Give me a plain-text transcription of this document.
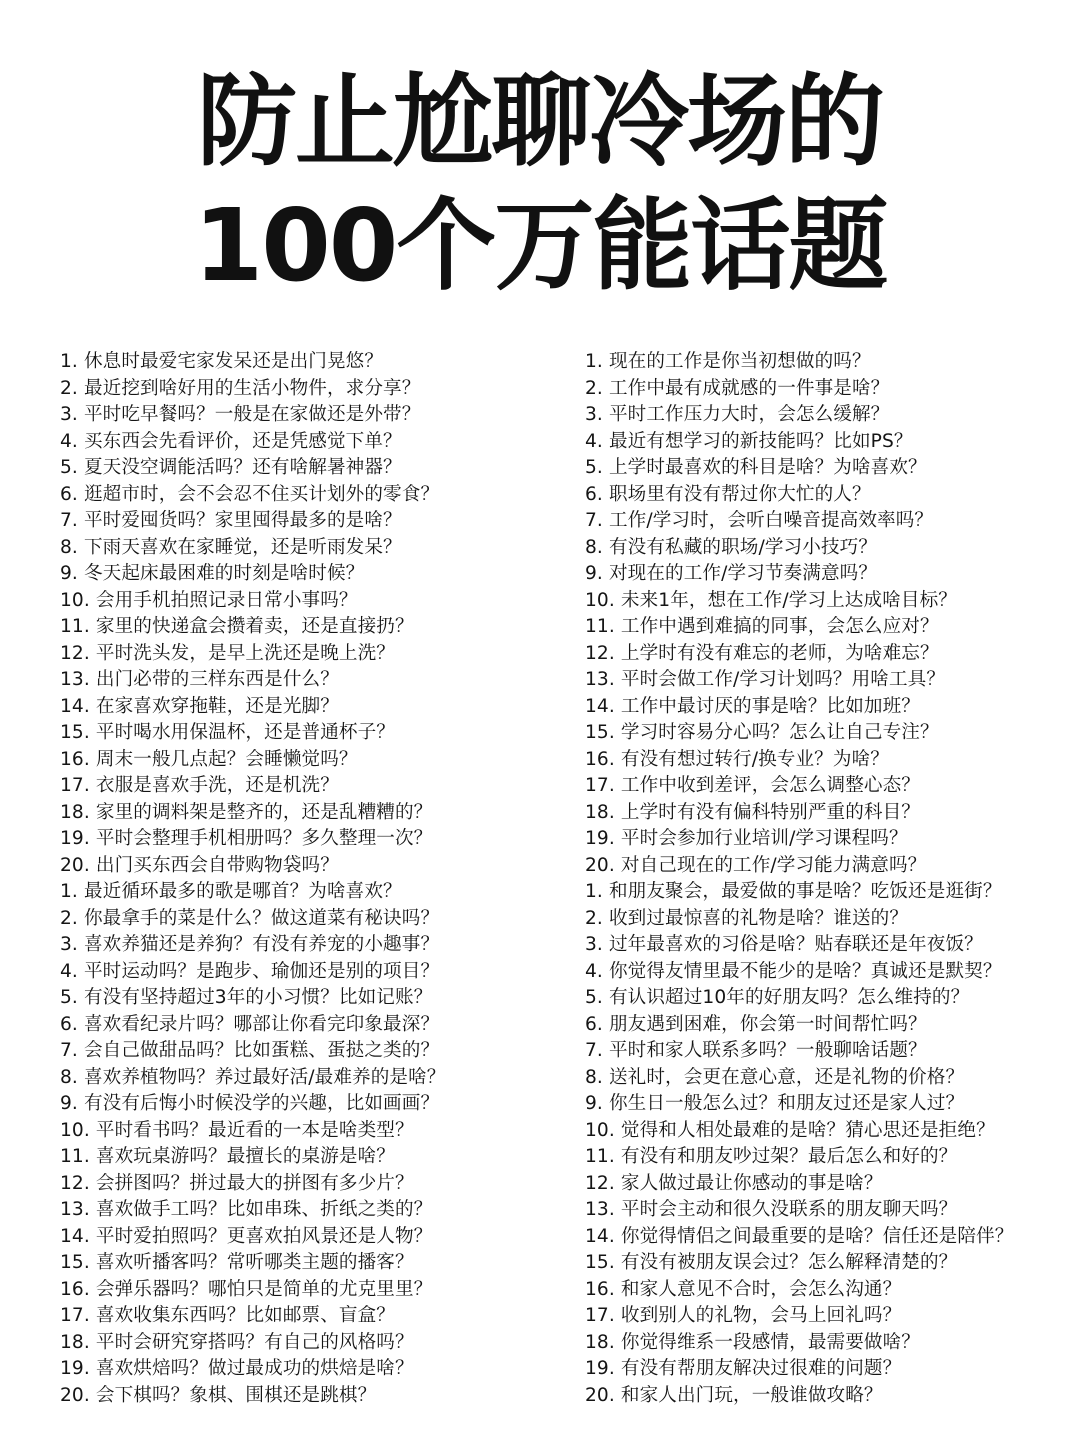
防止尬聊冷场的
100个万能话题
1. 休息时最爱宅家发呆还是出门晃悠？
2. 最近挖到啥好用的生活小物件，求分享？
3. 平时吃早餐吗？一般是在家做还是外带？
4. 买东西会先看评价，还是凭感觉下单？
5. 夏天没空调能活吗？还有啥解暑神器？
6. 逛超市时，会不会忍不住买计划外的零食？
7. 平时爱囤货吗？家里囤得最多的是啥？
8. 下雨天喜欢在家睡觉，还是听雨发呆？
9. 冬天起床最困难的时刻是啥时候？
10. 会用手机拍照记录日常小事吗？
11. 家里的快递盒会攒着卖，还是直接扔？
12. 平时洗头发，是早上洗还是晚上洗？
13. 出门必带的三样东西是什么？
14. 在家喜欢穿拖鞋，还是光脚？
15. 平时喝水用保温杯，还是普通杯子？
16. 周末一般几点起？会睡懒觉吗？
17. 衣服是喜欢手洗，还是机洗？
18. 家里的调料架是整齐的，还是乱糟糟的？
19. 平时会整理手机相册吗？多久整理一次？
20. 出门买东西会自带购物袋吗？
1. 最近循环最多的歌是哪首？为啥喜欢？
2. 你最拿手的菜是什么？做这道菜有秘诀吗？
3. 喜欢养猫还是养狗？有没有养宠的小趣事？
4. 平时运动吗？是跑步、瑜伽还是别的项目？
5. 有没有坚持超过3年的小习惯？比如记账？
6. 喜欢看纪录片吗？哪部让你看完印象最深？
7. 会自己做甜品吗？比如蛋糕、蛋挞之类的？
8. 喜欢养植物吗？养过最好活/最难养的是啥？
9. 有没有后悔小时候没学的兴趣，比如画画？
10. 平时看书吗？最近看的一本是啥类型？
11. 喜欢玩桌游吗？最擅长的桌游是啥？
12. 会拼图吗？拼过最大的拼图有多少片？
13. 喜欢做手工吗？比如串珠、折纸之类的？
14. 平时爱拍照吗？更喜欢拍风景还是人物？
15. 喜欢听播客吗？常听哪类主题的播客？
16. 会弹乐器吗？哪怕只是简单的尤克里里？
17. 喜欢收集东西吗？比如邮票、盲盒？
18. 平时会研究穿搭吗？有自己的风格吗？
19. 喜欢烘焙吗？做过最成功的烘焙是啥？
20. 会下棋吗？象棋、围棋还是跳棋？
1. 现在的工作是你当初想做的吗？
2. 工作中最有成就感的一件事是啥？
3. 平时工作压力大时，会怎么缓解？
4. 最近有想学习的新技能吗？比如PS？
5. 上学时最喜欢的科目是啥？为啥喜欢？
6. 职场里有没有帮过你大忙的人？
7. 工作/学习时，会听白噪音提高效率吗？
8. 有没有私藏的职场/学习小技巧？
9. 对现在的工作/学习节奏满意吗？
10. 未来1年，想在工作/学习上达成啥目标？
11. 工作中遇到难搞的同事，会怎么应对？
12. 上学时有没有难忘的老师，为啥难忘？
13. 平时会做工作/学习计划吗？用啥工具？
14. 工作中最讨厌的事是啥？比如加班？
15. 学习时容易分心吗？怎么让自己专注？
16. 有没有想过转行/换专业？为啥？
17. 工作中收到差评，会怎么调整心态？
18. 上学时有没有偏科特别严重的科目？
19. 平时会参加行业培训/学习课程吗？
20. 对自己现在的工作/学习能力满意吗？
1. 和朋友聚会，最爱做的事是啥？吃饭还是逛街？
2. 收到过最惊喜的礼物是啥？谁送的？
3. 过年最喜欢的习俗是啥？贴春联还是年夜饭？
4. 你觉得友情里最不能少的是啥？真诚还是默契？
5. 有认识超过10年的好朋友吗？怎么维持的？
6. 朋友遇到困难，你会第一时间帮忙吗？
7. 平时和家人联系多吗？一般聊啥话题？
8. 送礼时，会更在意心意，还是礼物的价格？
9. 你生日一般怎么过？和朋友过还是家人过？
10. 觉得和人相处最难的是啥？猜心思还是拒绝？
11. 有没有和朋友吵过架？最后怎么和好的？
12. 家人做过最让你感动的事是啥？
13. 平时会主动和很久没联系的朋友聊天吗？
14. 你觉得情侣之间最重要的是啥？信任还是陪伴？
15. 有没有被朋友误会过？怎么解释清楚的？
16. 和家人意见不合时，会怎么沟通？
17. 收到别人的礼物，会马上回礼吗？
18. 你觉得维系一段感情，最需要做啥？
19. 有没有帮朋友解决过很难的问题？
20. 和家人出门玩，一般谁做攻略？
